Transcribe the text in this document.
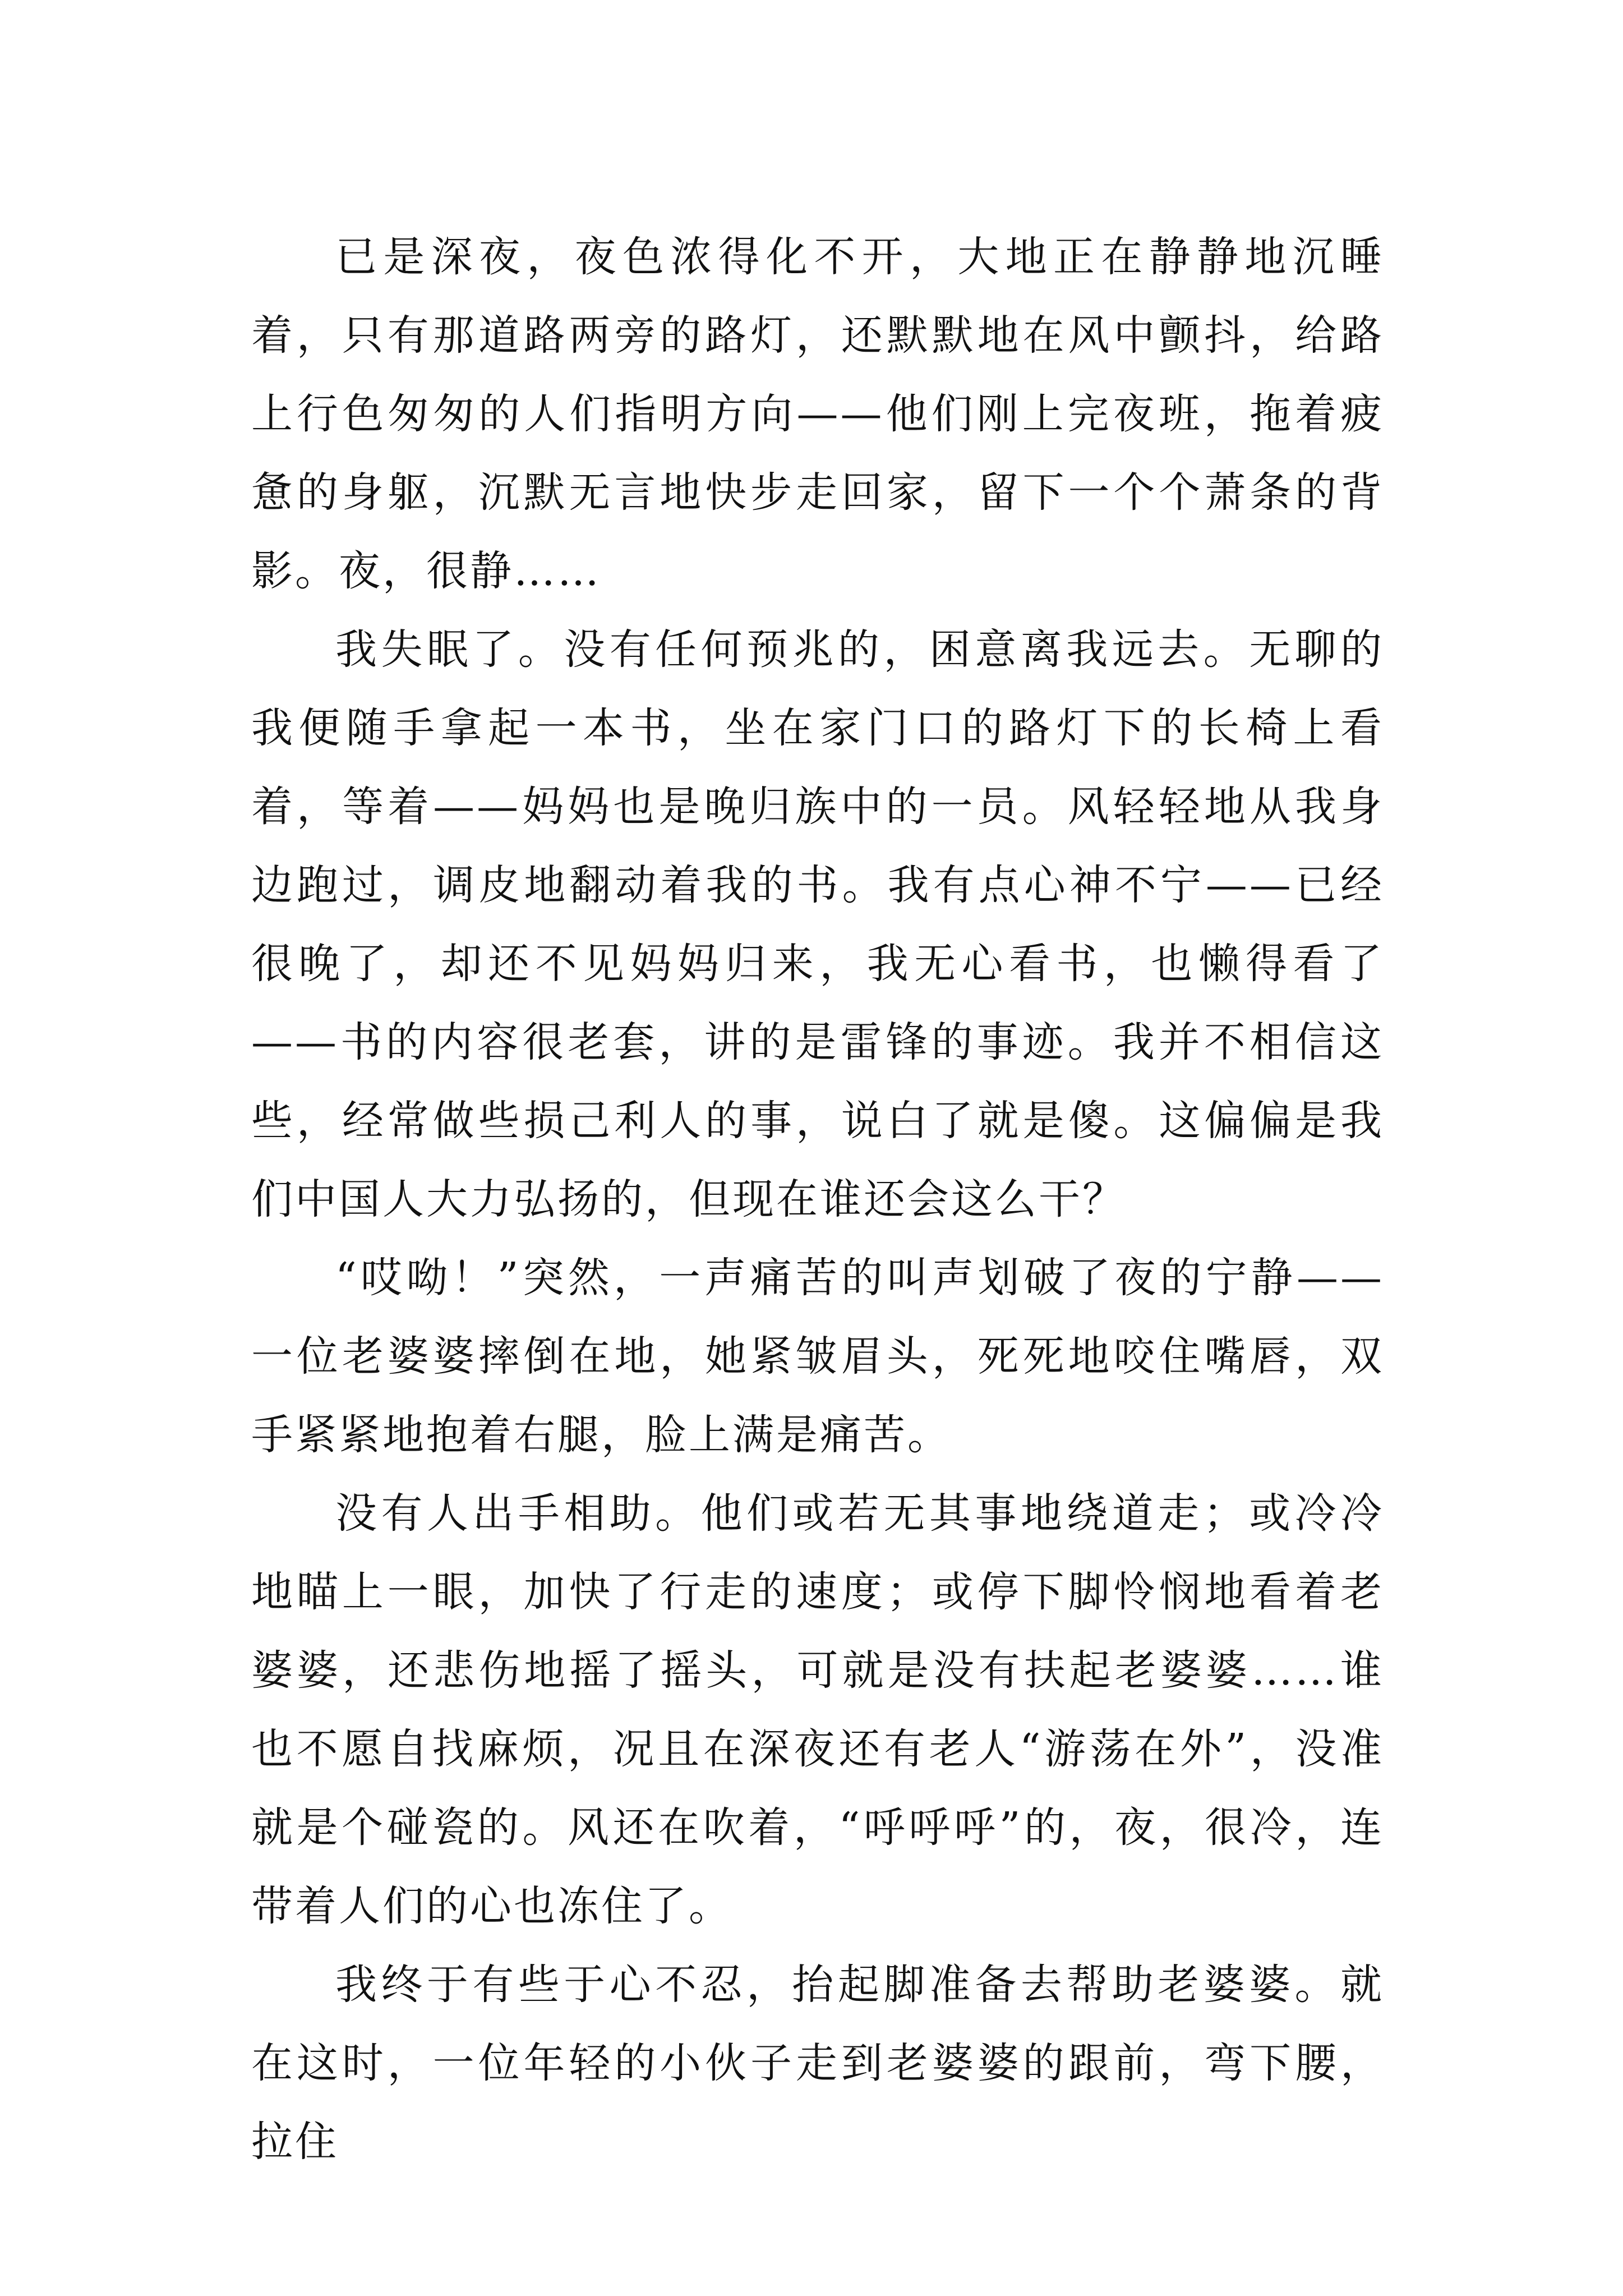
已是深夜，夜色浓得化不开，大地正在静静地沉睡着，只有那道路两旁的路灯，还默默地在风中颤抖，给路上行色匆匆的人们指明方向——他们刚上完夜班，拖着疲惫的身躯，沉默无言地快步走回家，留下一个个萧条的背影。夜，很静……

我失眠了。没有任何预兆的，困意离我远去。无聊的我便随手拿起一本书，坐在家门口的路灯下的长椅上看着，等着——妈妈也是晚归族中的一员。风轻轻地从我身边跑过，调皮地翻动着我的书。我有点心神不宁——已经很晚了，却还不见妈妈归来，我无心看书，也懒得看了——书的内容很老套，讲的是雷锋的事迹。我并不相信这些，经常做些损己利人的事，说白了就是傻。这偏偏是我们中国人大力弘扬的，但现在谁还会这么干？

“哎呦！”突然，一声痛苦的叫声划破了夜的宁静——一位老婆婆摔倒在地，她紧皱眉头，死死地咬住嘴唇，双手紧紧地抱着右腿，脸上满是痛苦。

没有人出手相助。他们或若无其事地绕道走；或冷冷地瞄上一眼，加快了行走的速度；或停下脚怜悯地看着老婆婆，还悲伤地摇了摇头，可就是没有扶起老婆婆……谁也不愿自找麻烦，况且在深夜还有老人“游荡在外”，没准就是个碰瓷的。风还在吹着，“呼呼呼”的，夜，很冷，连带着人们的心也冻住了。

我终于有些于心不忍，抬起脚准备去帮助老婆婆。就在这时，一位年轻的小伙子走到老婆婆的跟前，弯下腰，拉住
